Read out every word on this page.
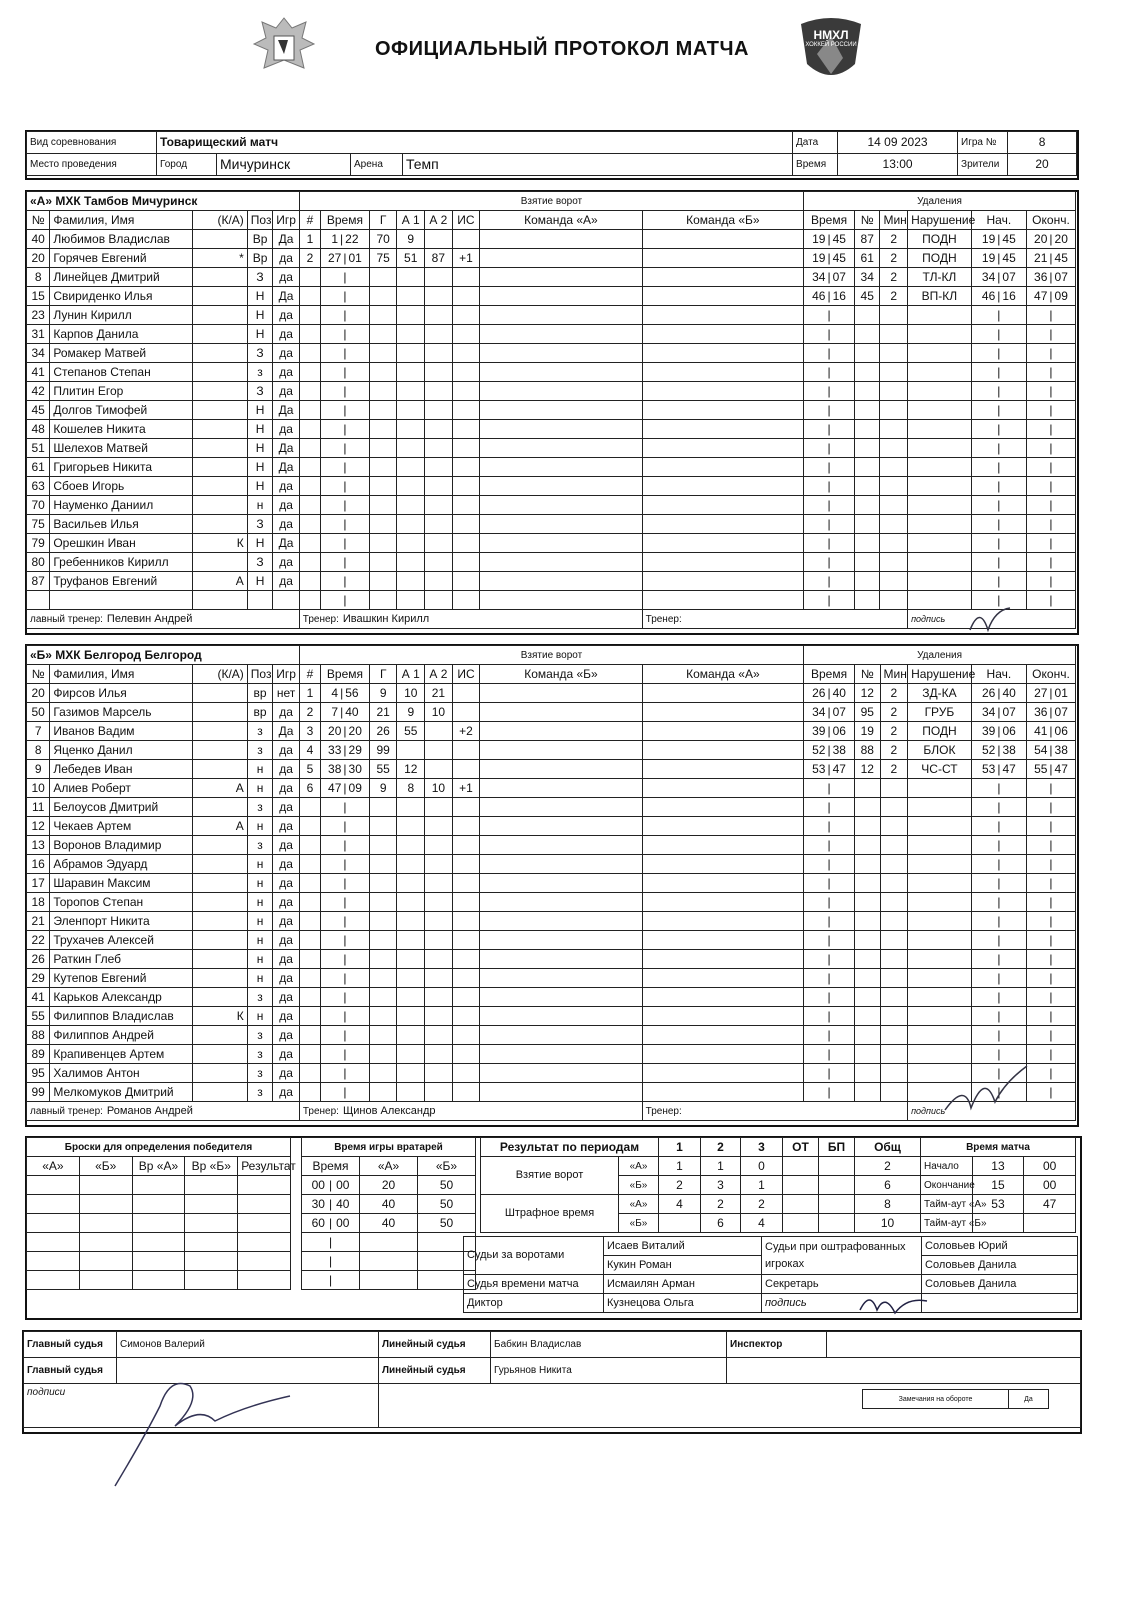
ОФИЦИАЛЬНЫЙ ПРОТОКОЛ МАТЧА
НМХЛ
ХОККЕЙ РОССИИ
Вид соревнования	Товарищеский матч				Дата	14 09 2023	Игра №	8
Место проведения	Город	Мичуринск	Арена	Темп	Время	13:00	Зрители	20
«А» МХК Тамбов Мичуринск					Взятие ворот								Удаления					
№	Фамилия, Имя	(К/А)	Поз	Игр	#	Время	Г	А 1	А 2	ИС	Команда «А»	Команда «Б»	Время	№	Мин	Нарушение	Нач.	Оконч.
40	Любимов Владислав		Вр	Да	1	1 | 22	70	9					19 | 45	87	2	ПОДН	19 | 45	20 | 20
20	Горячев Евгений	*	Вр	да	2	27 | 01	75	51	87	+1			19 | 45	61	2	ПОДН	19 | 45	21 | 45
8	Линейцев Дмитрий		З	да		|							34 | 07	34	2	ТЛ-КЛ	34 | 07	36 | 07
15	Свириденко Илья		Н	Да		|							46 | 16	45	2	ВП-КЛ	46 | 16	47 | 09
23	Лунин Кирилл		Н	да		|							|				|	|
31	Карпов Данила		Н	да		|							|				|	|
34	Ромакер Матвей		З	да		|							|				|	|
41	Степанов Степан		з	да		|							|				|	|
42	Плитин Егор		З	да		|							|				|	|
45	Долгов Тимофей		Н	Да		|							|				|	|
48	Кошелев Никита		Н	да		|							|				|	|
51	Шелехов Матвей		Н	Да		|							|				|	|
61	Григорьев Никита		Н	Да		|							|				|	|
63	Сбоев Игорь		Н	да		|							|				|	|
70	Науменко Даниил		н	да		|							|				|	|
75	Васильев Илья		З	да		|							|				|	|
79	Орешкин Иван	К	Н	Да		|							|				|	|
80	Гребенников Кирилл		З	да		|							|				|	|
87	Труфанов Евгений	А	Н	да		|							|				|	|
						|							|				|	|
лавный тренер: Пелевин Андрей					Тренер: Ивашкин Кирилл							Тренер:				подпись		
«Б» МХК Белгород Белгород					Взятие ворот								Удаления					
№	Фамилия, Имя	(К/А)	Поз	Игр	#	Время	Г	А 1	А 2	ИС	Команда «Б»	Команда «А»	Время	№	Мин	Нарушение	Нач.	Оконч.
20	Фирсов Илья		вр	нет	1	4 | 56	9	10	21				26 | 40	12	2	ЗД-КА	26 | 40	27 | 01
50	Газимов Марсель		вр	да	2	7 | 40	21	9	10				34 | 07	95	2	ГРУБ	34 | 07	36 | 07
7	Иванов Вадим		з	Да	3	20 | 20	26	55		+2			39 | 06	19	2	ПОДН	39 | 06	41 | 06
8	Яценко Данил		з	да	4	33 | 29	99						52 | 38	88	2	БЛОК	52 | 38	54 | 38
9	Лебедев Иван		н	да	5	38 | 30	55	12					53 | 47	12	2	ЧС-СТ	53 | 47	55 | 47
10	Алиев Роберт	А	н	да	6	47 | 09	9	8	10	+1			|				|	|
11	Белоусов Дмитрий		з	да		|							|				|	|
12	Чекаев Артем	А	н	да		|							|				|	|
13	Воронов Владимир		з	да		|							|				|	|
16	Абрамов Эдуард		н	да		|							|				|	|
17	Шаравин Максим		н	да		|							|				|	|
18	Торопов Степан		н	да		|							|				|	|
21	Эленпорт Никита		н	да		|							|				|	|
22	Трухачев Алексей		н	да		|							|				|	|
26	Раткин Глеб		н	да		|							|				|	|
29	Кутепов Евгений		н	да		|							|				|	|
41	Карьков Александр		з	да		|							|				|	|
55	Филиппов Владислав	К	н	да		|							|				|	|
88	Филиппов Андрей		з	да		|							|				|	|
89	Крапивенцев Артем		з	да		|							|				|	|
95	Халимов Антон		з	да		|							|				|	|
99	Мелкомуков Дмитрий		з	да		|							|				|	|
лавный тренер: Романов Андрей					Тренер: Щинов Александр							Тренер:				подпись		
Броски для определения победителя				
«А»	«Б»	Вр «А»	Вр «Б»	Результат

Время игры вратарей		
Время	«А»	«Б»
00 | 00	20	50
30 | 40	40	50
60 | 00	40	50
|		
|		
|		
Результат по периодам		1	2	3	ОТ	БП	Общ
Взятие ворот	«А»	1	1	0			2
	«Б»	2	3	1			6
Штрафное время	«А»	4	2	2			8
	«Б»		6	4			10
Время матча		
Начало	13	00
Окончание	15	00
Тайм-аут «А»	53	47
Тайм-аут «Б»		
Судьи за воротами	Исаев Виталий	Судьи при оштрафованных игроках	Соловьев Юрий
	Кукин Роман		Соловьев Данила
Судья времени матча	Исмаилян Арман	Секретарь	Соловьев Данила
Диктор	Кузнецова Ольга	подпись	
Главный судья	Симонов Валерий	Линейный судья	Бабкин Владислав	Инспектор	
Главный судья		Линейный судья	Гурьянов Никита		
подписи					
Замечания на обороте	Да
